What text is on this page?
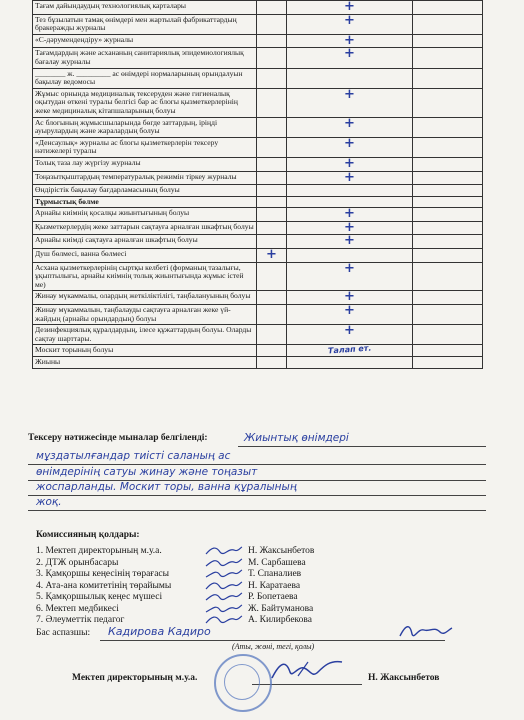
Тағам дайындаудың технологиялық карталары		+	
Тез бұзылатын тамақ өнімдері мен жартылай фабрикаттардың бракеражды журналы		+	
«С-дәрумендендіру» журналы		+	
Тағамдардың және асхананың санитариялық эпидемиологиялық бағалау журналы		+	
________ ж. _________ ас өнімдері нормаларының орындалуын бақылау ведомосы			
Жұмыс орнында медициналық тексеруден және гигиеналық оқытудан өткені туралы белгісі бар ас блогы қызметкерлерінің жеке медициналық кітапшаларының болуы		+	
Ас блогының жұмысшыларында бөгде заттардың, іріңді ауырулардың және жаралардың болуы		+	
«Денсаулық» журналы ас блогы қызметкерлерін тексеру нәтижелері туралы		+	
Толық таза лау жүргізу журналы		+	
Тоңазытқыштардың температуралық режимін тіркеу журналы		+	
Өндірістік бақылау бағдарламасының болуы			
Тұрмыстық бөлме			
Арнайы киімнің қосалқы жиынтығының болуы		+	
Қызметкерлердің жеке заттарын сақтауға арналған шкафтың болуы		+	
Арнайы киімді сақтауға арналған шкафтың болуы		+	
Душ бөлмесі, ванна бөлмесі	+		
Асхана қызметкерлерінің сыртқы келбеті (форманың тазалығы, ұқыптылығы, арнайы киімнің толық жиынтығында жұмыс істей ме)		+	
Жинау мүкаммалы, олардың жеткіліктілігі, таңбалануының болуы		+	
Жинау мүкаммалын, таңбалауды сақтауға арналған жеке үй-жайдың (арнайы орындардың) болуы		+	
Дезинфекциялық құралдардың, ілесе құжаттардың болуы. Оларды сақтау шарттары.		+	
Москит торының болуы		Талап ет.	
Жиыны			
Тексеру нәтижесінде мыналар белгіленді:	Жиынтық өнімдері
мұздатылғандар тиісті саланың ас
өнімдерінің сатуы жинау және тоңазыт
жоспарланды. Москит торы, ванна құралының
жоқ.
Комиссияның қолдары:
1. Мектеп директорының м.у.а.	Н. Жаксынбетов
2. ДТЖ орынбасары	М. Сарбашева
3. Қамқоршы кеңесінің төрағасы	Т. Спаналиев
4. Ата-ана комитетінің төрайымы	Н. Каратаева
5. Қамқоршылық кеңес мүшесі	Р. Бопетаева
6. Мектеп медбикесі	Ж. Байтуманова
7. Әлеуметтік педагог	А. Килирбекова
Бас аспазшы: Кадирова Кадиро
(Аты, жөні, тегі, қолы)
Мектеп директорының м.у.а.	Н. Жаксынбетов
